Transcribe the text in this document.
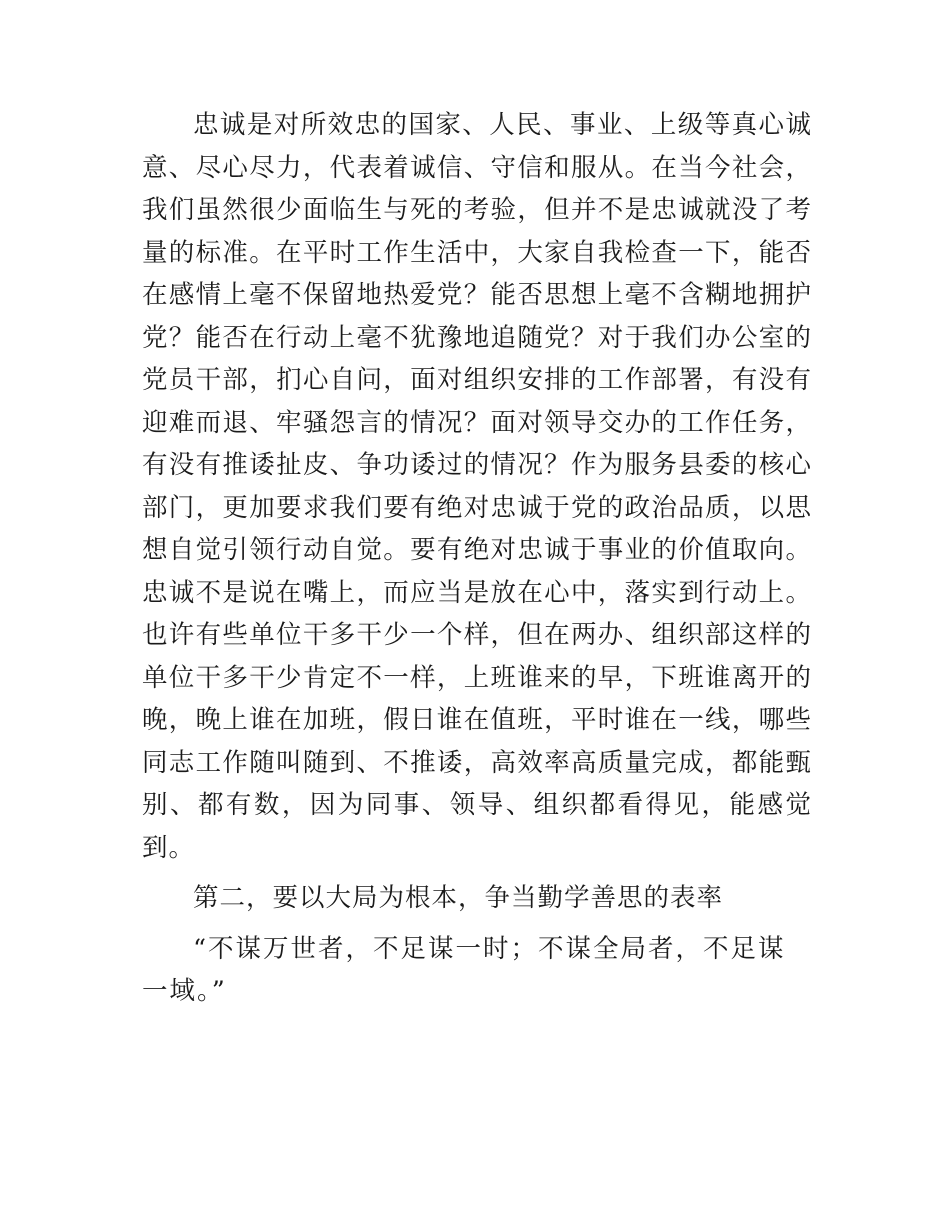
忠诚是对所效忠的国家、人民、事业、上级等真心诚意、尽心尽力，代表着诚信、守信和服从。在当今社会，我们虽然很少面临生与死的考验，但并不是忠诚就没了考量的标准。在平时工作生活中，大家自我检查一下，能否在感情上毫不保留地热爱党？能否思想上毫不含糊地拥护党？能否在行动上毫不犹豫地追随党？对于我们办公室的党员干部，扪心自问，面对组织安排的工作部署，有没有迎难而退、牢骚怨言的情况？面对领导交办的工作任务，有没有推诿扯皮、争功诿过的情况？作为服务县委的核心部门，更加要求我们要有绝对忠诚于党的政治品质，以思想自觉引领行动自觉。要有绝对忠诚于事业的价值取向。忠诚不是说在嘴上，而应当是放在心中，落实到行动上。也许有些单位干多干少一个样，但在两办、组织部这样的单位干多干少肯定不一样，上班谁来的早，下班谁离开的晚，晚上谁在加班，假日谁在值班，平时谁在一线，哪些同志工作随叫随到、不推诿，高效率高质量完成，都能甄别、都有数，因为同事、领导、组织都看得见，能感觉到。

第二，要以大局为根本，争当勤学善思的表率

“不谋万世者，不足谋一时；不谋全局者，不足谋一域。”
